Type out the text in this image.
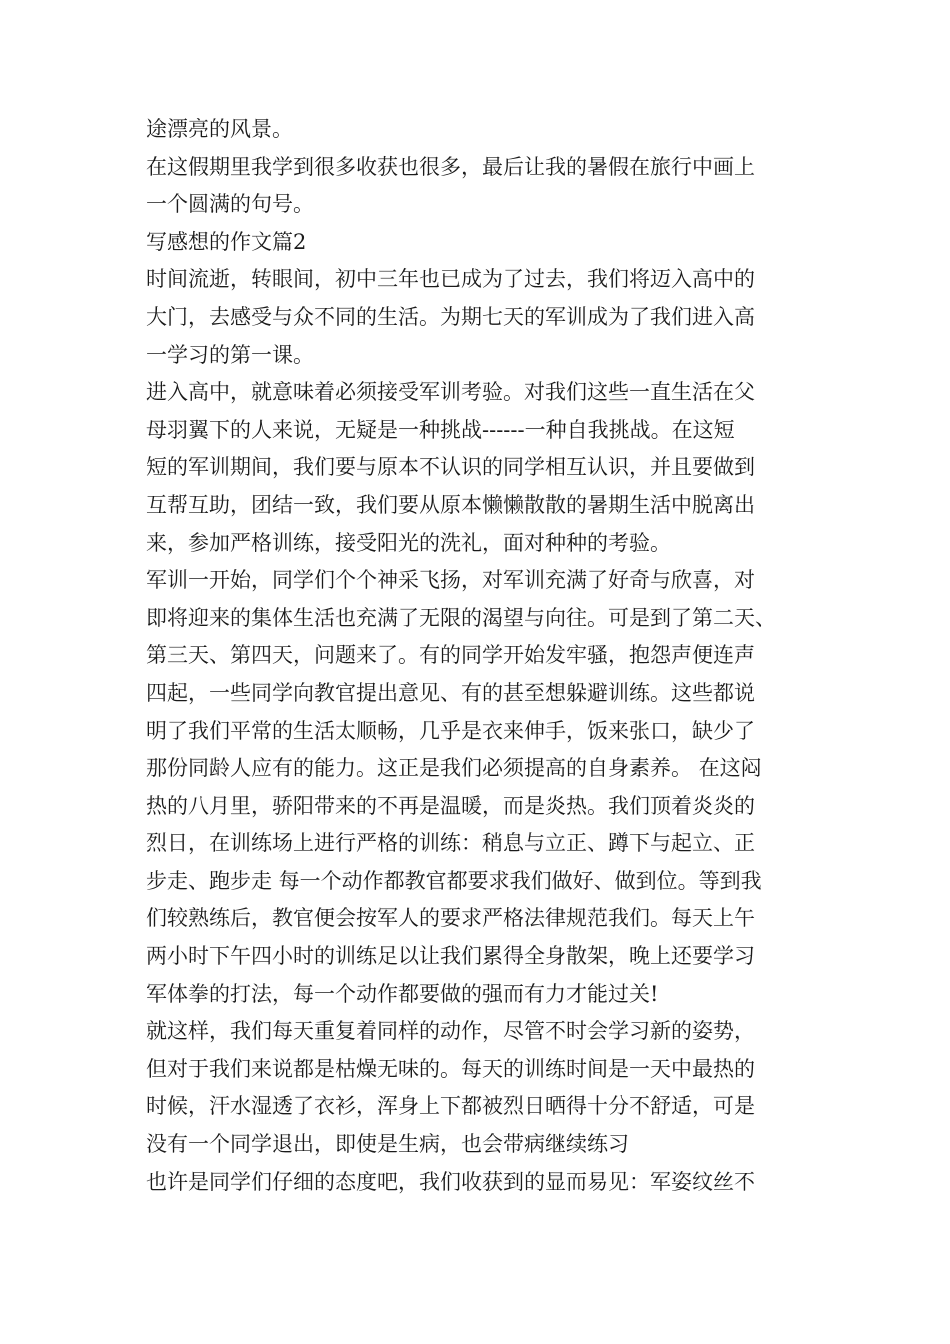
途漂亮的风景。
在这假期里我学到很多收获也很多，最后让我的暑假在旅行中画上
一个圆满的句号。
写感想的作文篇2
时间流逝，转眼间，初中三年也已成为了过去，我们将迈入高中的
大门，去感受与众不同的生活。为期七天的军训成为了我们进入高
一学习的第一课。
进入高中，就意味着必须接受军训考验。对我们这些一直生活在父
母羽翼下的人来说，无疑是一种挑战------一种自我挑战。在这短
短的军训期间，我们要与原本不认识的同学相互认识，并且要做到
互帮互助，团结一致，我们要从原本懒懒散散的暑期生活中脱离出
来，参加严格训练，接受阳光的洗礼，面对种种的考验。
军训一开始，同学们个个神采飞扬，对军训充满了好奇与欣喜，对
即将迎来的集体生活也充满了无限的渴望与向往。可是到了第二天、
第三天、第四天，问题来了。有的同学开始发牢骚，抱怨声便连声
四起，一些同学向教官提出意见、有的甚至想躲避训练。这些都说
明了我们平常的生活太顺畅，几乎是衣来伸手，饭来张口，缺少了
那份同龄人应有的能力。这正是我们必须提高的自身素养。 在这闷
热的八月里，骄阳带来的不再是温暖，而是炎热。我们顶着炎炎的
烈日，在训练场上进行严格的训练：稍息与立正、蹲下与起立、正
步走、跑步走 每一个动作都教官都要求我们做好、做到位。等到我
们较熟练后，教官便会按军人的要求严格法律规范我们。每天上午
两小时下午四小时的训练足以让我们累得全身散架，晚上还要学习
军体拳的打法，每一个动作都要做的强而有力才能过关!
就这样，我们每天重复着同样的动作，尽管不时会学习新的姿势，
但对于我们来说都是枯燥无味的。每天的训练时间是一天中最热的
时候，汗水湿透了衣衫，浑身上下都被烈日晒得十分不舒适，可是
没有一个同学退出，即使是生病，也会带病继续练习
也许是同学们仔细的态度吧，我们收获到的显而易见：军姿纹丝不
